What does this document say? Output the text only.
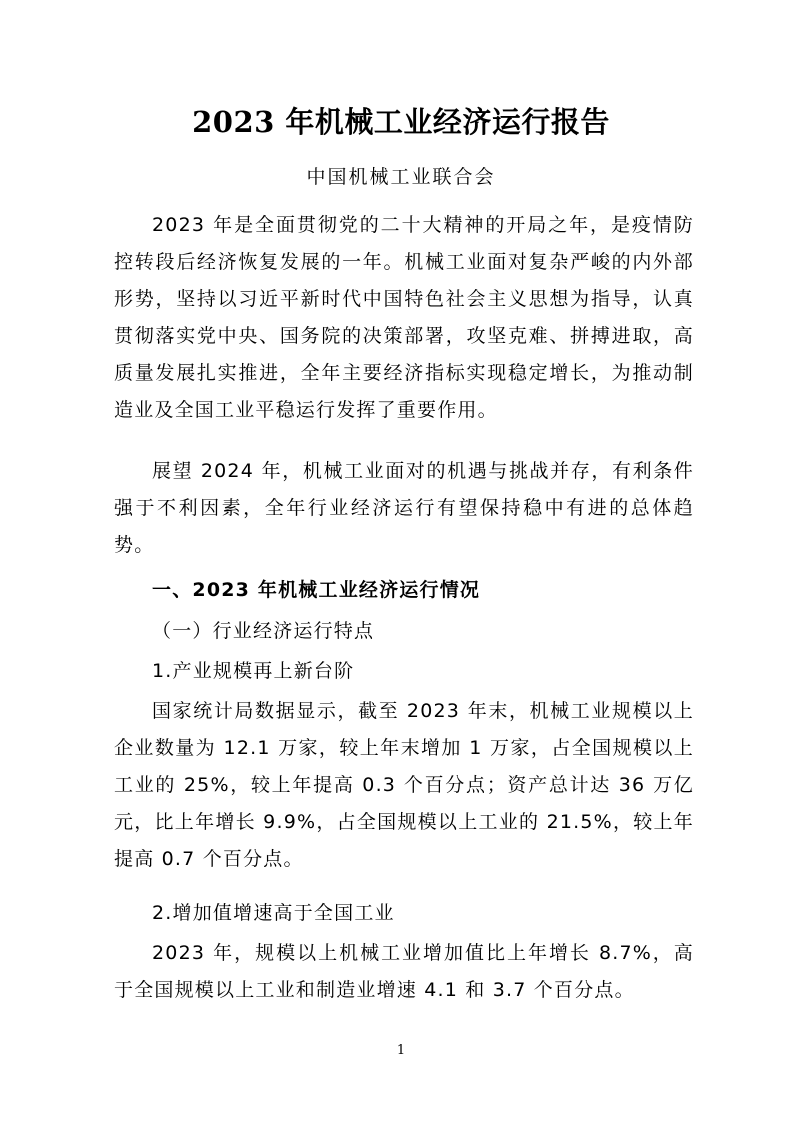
2023 年机械工业经济运行报告
中国机械工业联合会
2023 年是全面贯彻党的二十大精神的开局之年，是疫情防控转段后经济恢复发展的一年。机械工业面对复杂严峻的内外部形势，坚持以习近平新时代中国特色社会主义思想为指导，认真贯彻落实党中央、国务院的决策部署，攻坚克难、拼搏进取，高质量发展扎实推进，全年主要经济指标实现稳定增长，为推动制造业及全国工业平稳运行发挥了重要作用。
展望 2024 年，机械工业面对的机遇与挑战并存，有利条件强于不利因素，全年行业经济运行有望保持稳中有进的总体趋势。
一、2023 年机械工业经济运行情况
（一）行业经济运行特点
1.产业规模再上新台阶
国家统计局数据显示，截至 2023 年末，机械工业规模以上企业数量为 12.1 万家，较上年末增加 1 万家，占全国规模以上工业的 25%，较上年提高 0.3 个百分点；资产总计达 36 万亿元，比上年增长 9.9%，占全国规模以上工业的 21.5%，较上年提高 0.7 个百分点。
2.增加值增速高于全国工业
2023 年，规模以上机械工业增加值比上年增长 8.7%，高于全国规模以上工业和制造业增速 4.1 和 3.7 个百分点。
1
